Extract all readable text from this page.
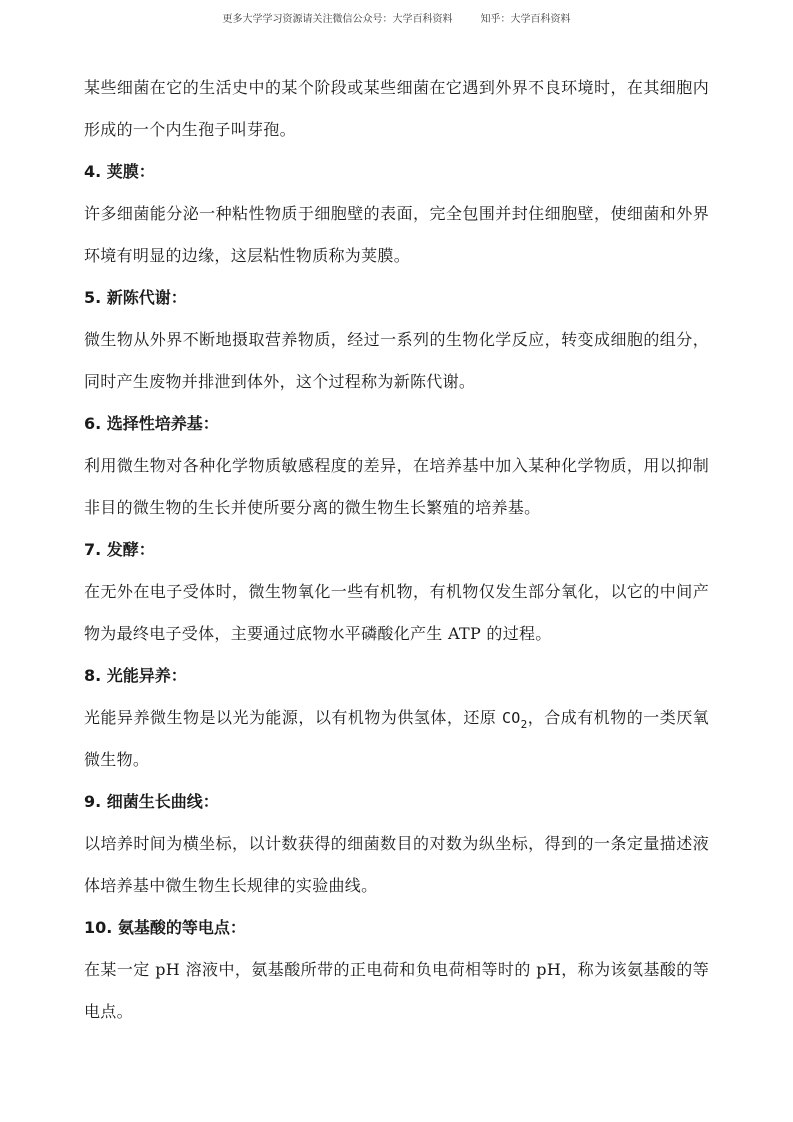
更多大学学习资源请关注微信公众号：大学百科资料	知乎：大学百科资料

某些细菌在它的生活史中的某个阶段或某些细菌在它遇到外界不良环境时，在其细胞内形成的一个内生孢子叫芽孢。

4. 荚膜：

许多细菌能分泌一种粘性物质于细胞壁的表面，完全包围并封住细胞壁，使细菌和外界环境有明显的边缘，这层粘性物质称为荚膜。

5. 新陈代谢：

微生物从外界不断地摄取营养物质，经过一系列的生物化学反应，转变成细胞的组分，同时产生废物并排泄到体外，这个过程称为新陈代谢。

6. 选择性培养基：

利用微生物对各种化学物质敏感程度的差异，在培养基中加入某种化学物质，用以抑制非目的微生物的生长并使所要分离的微生物生长繁殖的培养基。

7. 发酵：

在无外在电子受体时，微生物氧化一些有机物，有机物仅发生部分氧化，以它的中间产物为最终电子受体，主要通过底物水平磷酸化产生 ATP 的过程。

8. 光能异养：

光能异养微生物是以光为能源，以有机物为供氢体，还原 $CO_2$，合成有机物的一类厌氧微生物。

9. 细菌生长曲线：

以培养时间为横坐标，以计数获得的细菌数目的对数为纵坐标，得到的一条定量描述液体培养基中微生物生长规律的实验曲线。

10. 氨基酸的等电点：

在某一定 pH 溶液中，氨基酸所带的正电荷和负电荷相等时的 pH，称为该氨基酸的等电点。
